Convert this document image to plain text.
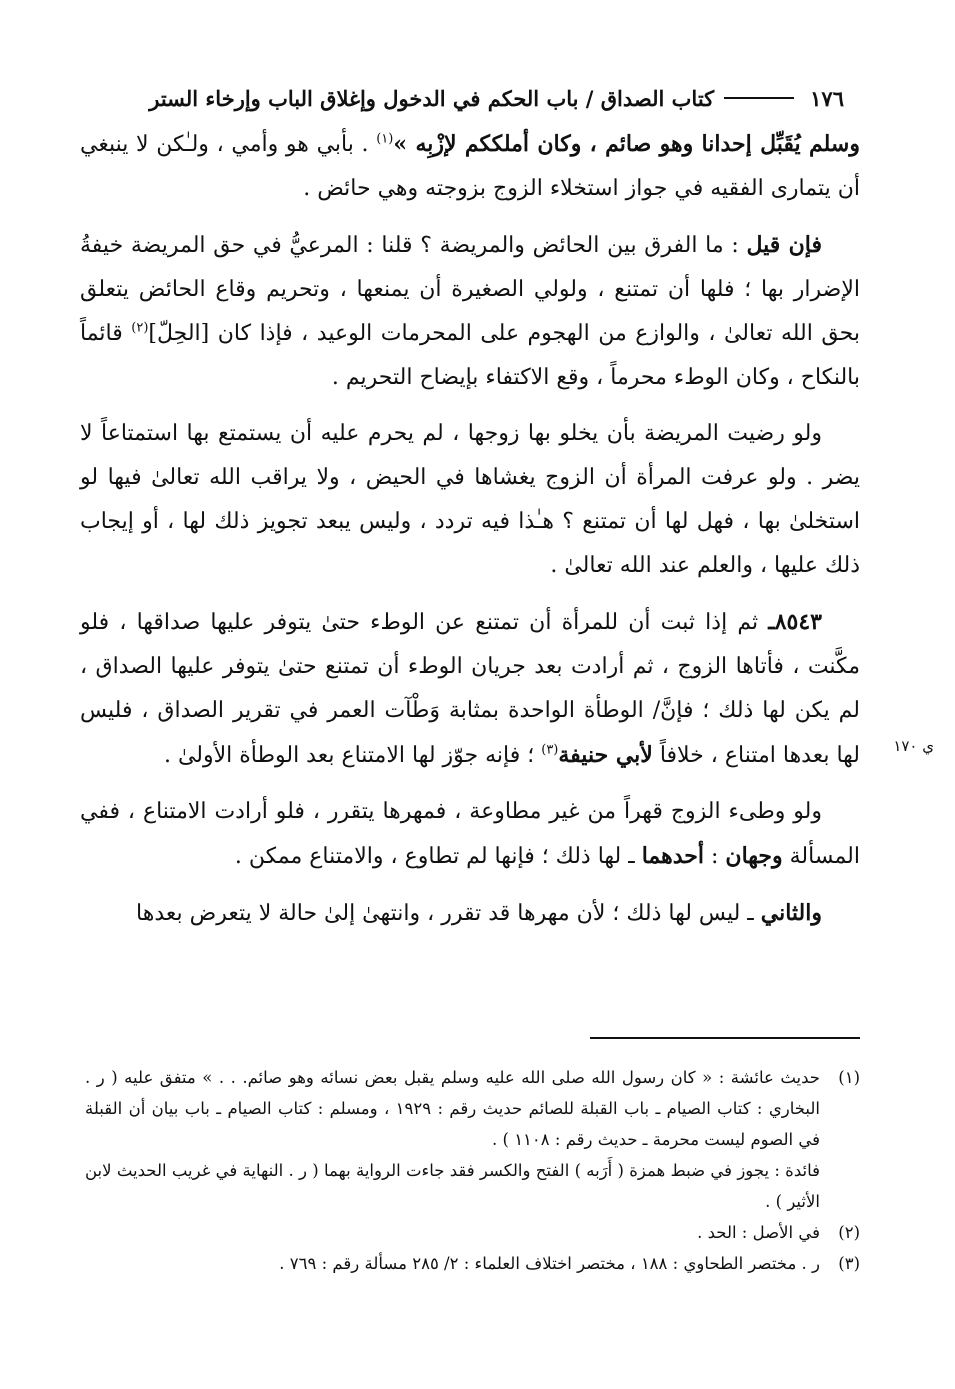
١٧٦
كتاب الصداق / باب الحكم في الدخول وإغلاق الباب وإرخاء الستر

وسلم يُقَبِّل إحدانا وهو صائم ، وكان أملككم لإزْبِه »$^{(١)}$ . بأبي هو وأمي ، ولـٰكن لا ينبغي أن يتمارى الفقيه في جواز استخلاء الزوج بزوجته وهي حائض .

فإن قيل : ما الفرق بين الحائض والمريضة ؟ قلنا : المرعيُّ في حق المريضة خيفةُ الإضرار بها ؛ فلها أن تمتنع ، ولولي الصغيرة أن يمنعها ، وتحريم وقاع الحائض يتعلق بحق الله تعالىٰ ، والوازع من الهجوم على المحرمات الوعيد ، فإذا كان [الحِلّ]$^{(٢)}$ قائماً بالنكاح ، وكان الوطء محرماً ، وقع الاكتفاء بإيضاح التحريم .

ولو رضيت المريضة بأن يخلو بها زوجها ، لم يحرم عليه أن يستمتع بها استمتاعاً لا يضر . ولو عرفت المرأة أن الزوج يغشاها في الحيض ، ولا يراقب الله تعالىٰ فيها لو استخلىٰ بها ، فهل لها أن تمتنع ؟ هـٰذا فيه تردد ، وليس يبعد تجويز ذلك لها ، أو إيجاب ذلك عليها ، والعلم عند الله تعالىٰ .

٨٥٤٣ـ ثم إذا ثبت أن للمرأة أن تمتنع عن الوطء حتىٰ يتوفر عليها صداقها ، فلو مكَّنت ، فأتاها الزوج ، ثم أرادت بعد جريان الوطء أن تمتنع حتىٰ يتوفر عليها الصداق ، لم يكن لها ذلك ؛ فإنَّ/ الوطأة الواحدة بمثابة وَطْآت العمر في تقرير الصداق ، فليس لها بعدها امتناع ، خلافاً لأبي حنيفة$^{(٣)}$ ؛ فإنه جوّز لها الامتناع بعد الوطأة الأولىٰ .

ولو وطىء الزوج قهراً من غير مطاوعة ، فمهرها يتقرر ، فلو أرادت الامتناع ، ففي المسألة وجهان : أحدهما ـ لها ذلك ؛ فإنها لم تطاوع ، والامتناع ممكن .

والثاني ـ ليس لها ذلك ؛ لأن مهرها قد تقرر ، وانتهىٰ إلىٰ حالة لا يتعرض بعدها

ي ١٧٠
(١)
حديث عائشة : « كان رسول الله صلى الله عليه وسلم يقبل بعض نسائه وهو صائم. . . » متفق عليه ( ر . البخاري : كتاب الصيام ـ باب القبلة للصائم حديث رقم : ١٩٢٩ ، ومسلم : كتاب الصيام ـ باب بيان أن القبلة في الصوم ليست محرمة ـ حديث رقم : ١١٠٨ ) .
فائدة : يجوز في ضبط همزة ( أَرَبه ) الفتح والكسر فقد جاءت الرواية بهما ( ر . النهاية في غريب الحديث لابن الأثير ) .
(٢)
في الأصل : الحد .
(٣)
ر . مختصر الطحاوي : ١٨٨ ، مختصر اختلاف العلماء : ٢/ ٢٨٥ مسألة رقم : ٧٦٩ .
